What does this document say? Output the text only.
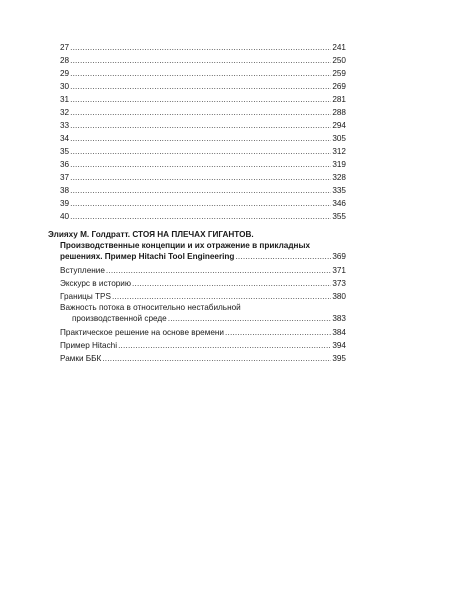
27 .....	241
28 .....	250
29 .....	259
30 .....	269
31 .....	281
32 .....	288
33 .....	294
34 .....	305
35 .....	312
36 .....	319
37 .....	328
38 .....	335
39 .....	346
40 .....	355
Элияху М. Голдратт. СТОЯ НА ПЛЕЧАХ ГИГАНТОВ.
Производственные концепции и их отражение в прикладных
решениях. Пример Hitachi Tool Engineering .....	369
Вступление .....	371
Экскурс в историю .....	373
Границы TPS .....	380
Важность потока в относительно нестабильной
производственной среде .....	383
Практическое решение на основе времени .....	384
Пример Hitachi .....	394
Рамки ББК .....	395
